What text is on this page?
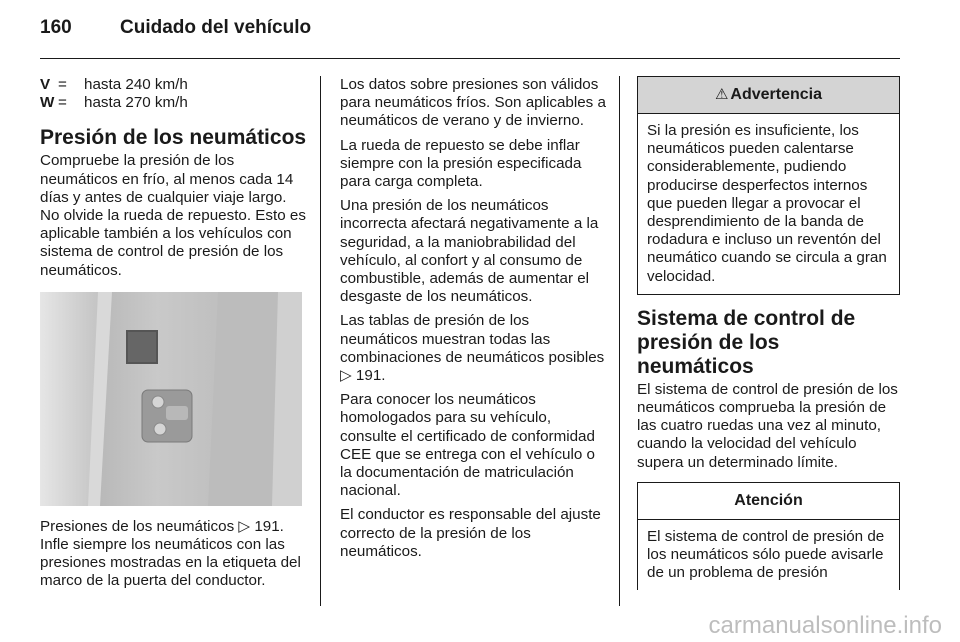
160	Cuidado del vehículo
V =	hasta 240 km/h
W =	hasta 270 km/h
Presión de los neumáticos

Compruebe la presión de los neumáticos en frío, al menos cada 14 días y antes de cualquier viaje largo. No olvide la rueda de repuesto. Esto es aplicable también a los vehículos con sistema de control de presión de los neumáticos.

Presiones de los neumáticos ▷ 191.

Infle siempre los neumáticos con las presiones mostradas en la etiqueta del marco de la puerta del conductor.

Los datos sobre presiones son válidos para neumáticos fríos. Son aplicables a neumáticos de verano y de invierno.

La rueda de repuesto se debe inflar siempre con la presión especificada para carga completa.

Una presión de los neumáticos incorrecta afectará negativamente a la seguridad, a la maniobrabilidad del vehículo, al confort y al consumo de combustible, además de aumentar el desgaste de los neumáticos.

Las tablas de presión de los neumáticos muestran todas las combinaciones de neumáticos posibles ▷ 191.

Para conocer los neumáticos homologados para su vehículo, consulte el certificado de conformidad CEE que se entrega con el vehículo o la documentación de matriculación nacional.

El conductor es responsable del ajuste correcto de la presión de los neumáticos.

⚠ Advertencia
Si la presión es insuficiente, los neumáticos pueden calentarse considerablemente, pudiendo producirse desperfectos internos que pueden llegar a provocar el desprendimiento de la banda de rodadura e incluso un reventón del neumático cuando se circula a gran velocidad.
Sistema de control de presión de los neumáticos

El sistema de control de presión de los neumáticos comprueba la presión de las cuatro ruedas una vez al minuto, cuando la velocidad del vehículo supera un determinado límite.

Atención
El sistema de control de presión de los neumáticos sólo puede avisarle de un problema de presión
carmanualsonline.info
